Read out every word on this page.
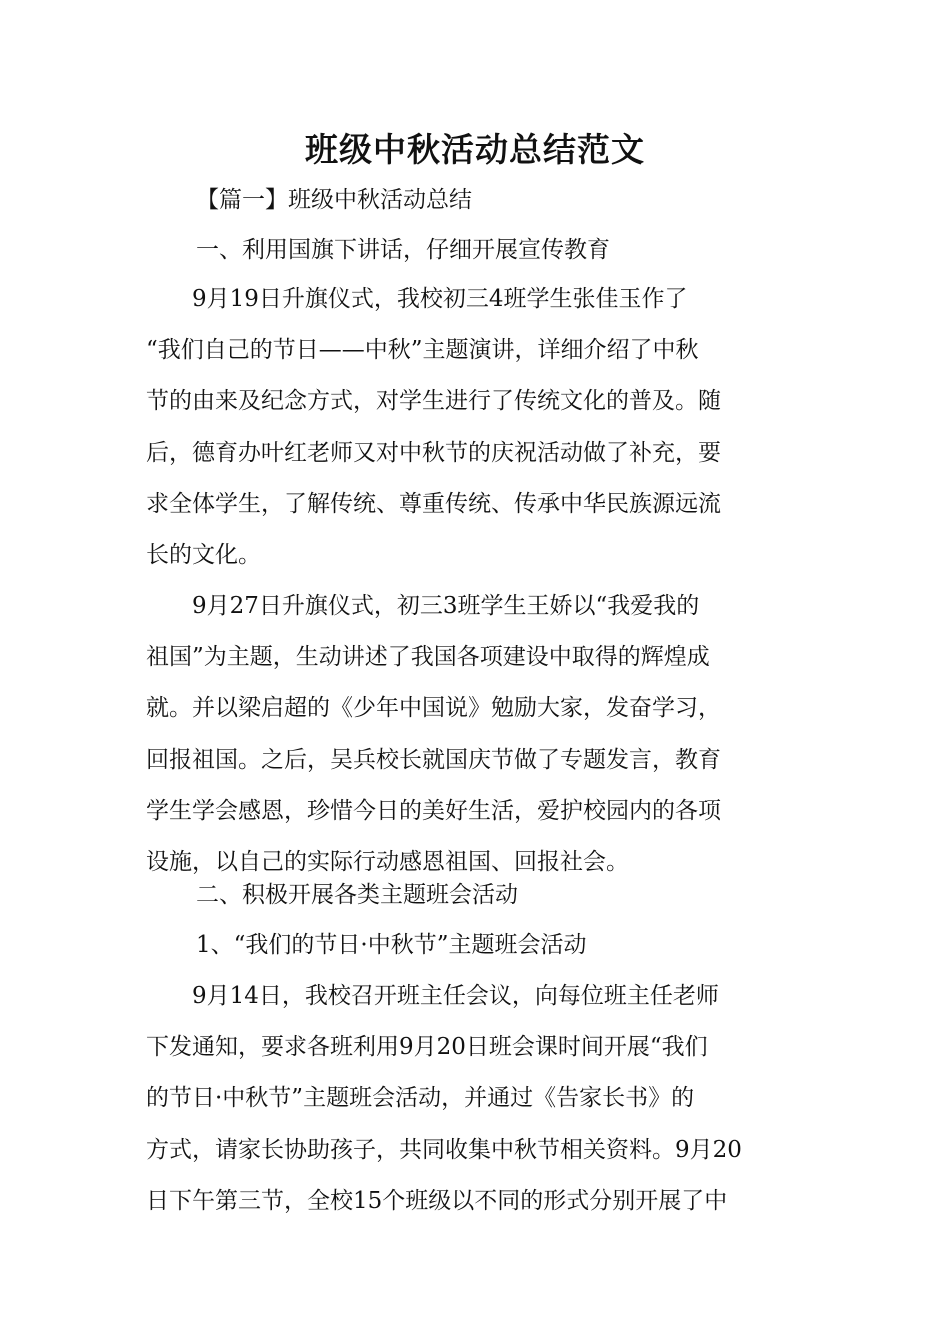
班级中秋活动总结范文
【篇一】班级中秋活动总结
一、利用国旗下讲话，仔细开展宣传教育
9月19日升旗仪式，我校初三4班学生张佳玉作了
“我们自己的节日——中秋”主题演讲，详细介绍了中秋
节的由来及纪念方式，对学生进行了传统文化的普及。随
后，德育办叶红老师又对中秋节的庆祝活动做了补充，要
求全体学生，了解传统、尊重传统、传承中华民族源远流
长的文化。
9月27日升旗仪式，初三3班学生王娇以“我爱我的
祖国”为主题，生动讲述了我国各项建设中取得的辉煌成
就。并以梁启超的《少年中国说》勉励大家，发奋学习，
回报祖国。之后，吴兵校长就国庆节做了专题发言，教育
学生学会感恩，珍惜今日的美好生活，爱护校园内的各项
设施，以自己的实际行动感恩祖国、回报社会。
二、积极开展各类主题班会活动
1、“我们的节日·中秋节”主题班会活动
9月14日，我校召开班主任会议，向每位班主任老师
下发通知，要求各班利用9月20日班会课时间开展“我们
的节日·中秋节”主题班会活动，并通过《告家长书》的
方式，请家长协助孩子，共同收集中秋节相关资料。9月20
日下午第三节，全校15个班级以不同的形式分别开展了中
